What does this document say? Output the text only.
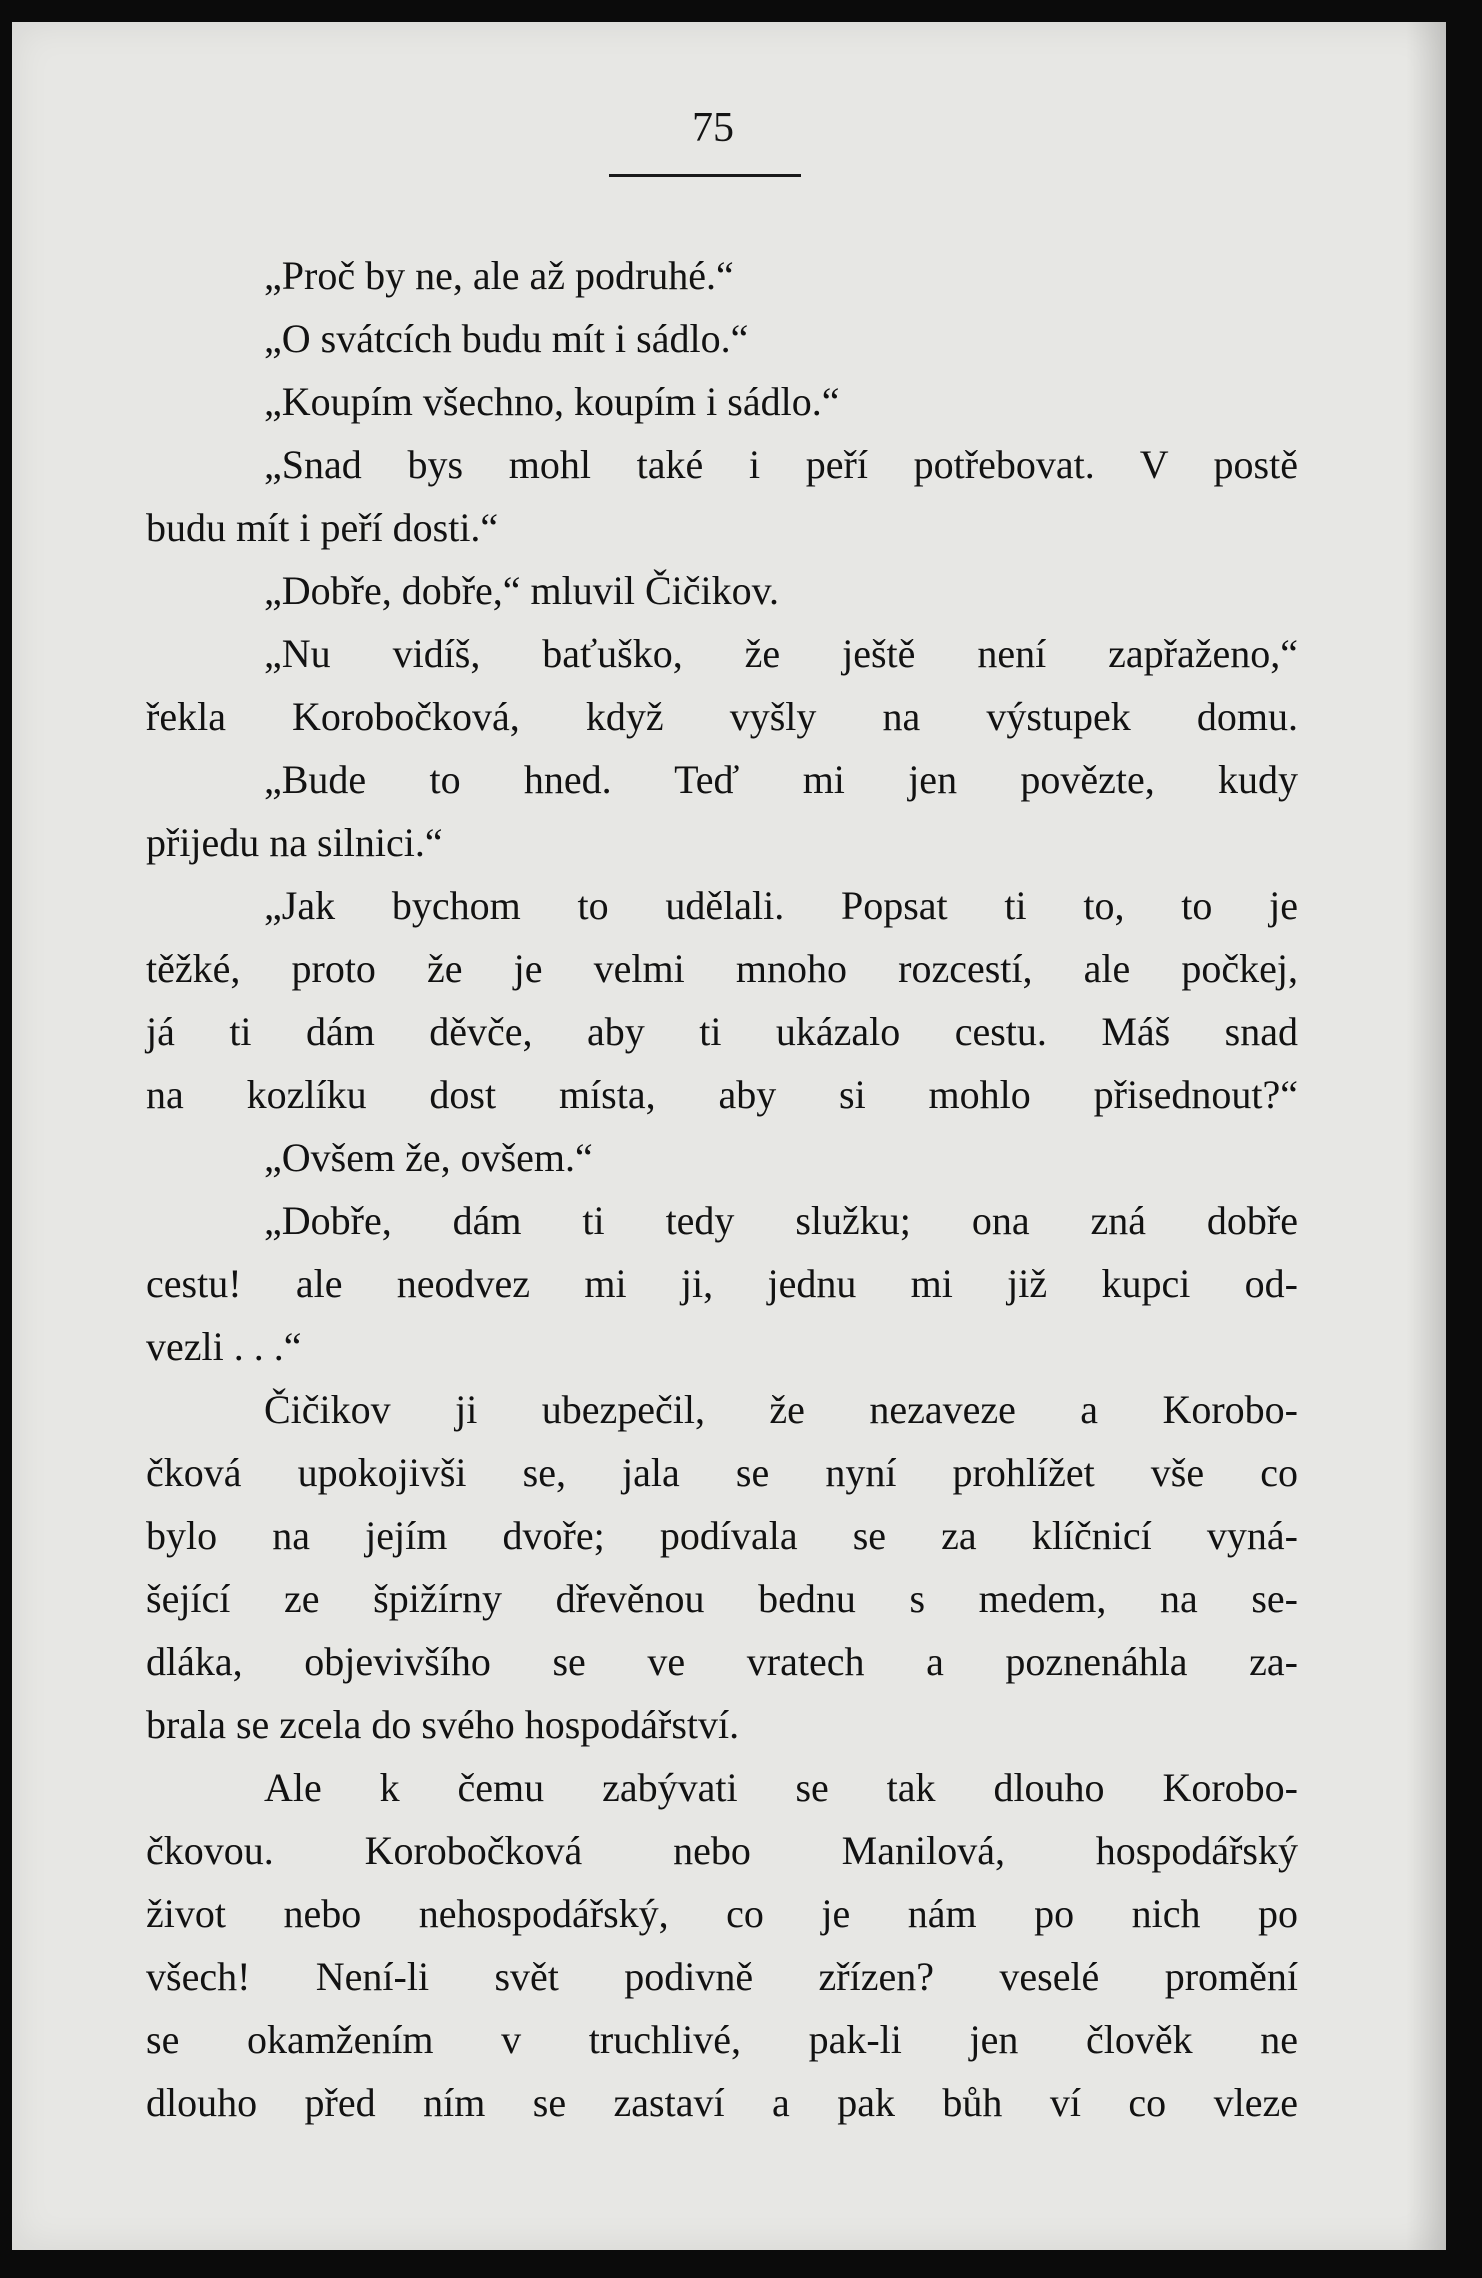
75
„Proč by ne, ale až podruhé.“
„O svátcích budu mít i sádlo.“
„Koupím všechno, koupím i sádlo.“
„Snad bys mohl také i peří potřebovat. V postě
budu mít i peří dosti.“
„Dobře, dobře,“ mluvil Čičikov.
„Nu vidíš, baťuško, že ještě není zapřaženo,“
řekla Korobočková, když vyšly na výstupek domu.
„Bude to hned. Teď mi jen povězte, kudy
přijedu na silnici.“
„Jak bychom to udělali. Popsat ti to, to je
těžké, proto že je velmi mnoho rozcestí, ale počkej,
já ti dám děvče, aby ti ukázalo cestu. Máš snad
na kozlíku dost místa, aby si mohlo přisednout?“
„Ovšem že, ovšem.“
„Dobře, dám ti tedy služku; ona zná dobře
cestu! ale neodvez mi ji, jednu mi již kupci od-
vezli . . .“
Čičikov ji ubezpečil, že nezaveze a Korobo-
čková upokojivši se, jala se nyní prohlížet vše co
bylo na jejím dvoře; podívala se za klíčnicí vyná-
šející ze špižírny dřevěnou bednu s medem, na se-
dláka, objevivšího se ve vratech a poznenáhla za-
brala se zcela do svého hospodářství.
Ale k čemu zabývati se tak dlouho Korobo-
čkovou. Korobočková nebo Manilová, hospodářský
život nebo nehospodářský, co je nám po nich po
všech! Není-li svět podivně zřízen? veselé promění
se okamžením v truchlivé, pak-li jen člověk ne
dlouho před ním se zastaví a pak bůh ví co vleze
